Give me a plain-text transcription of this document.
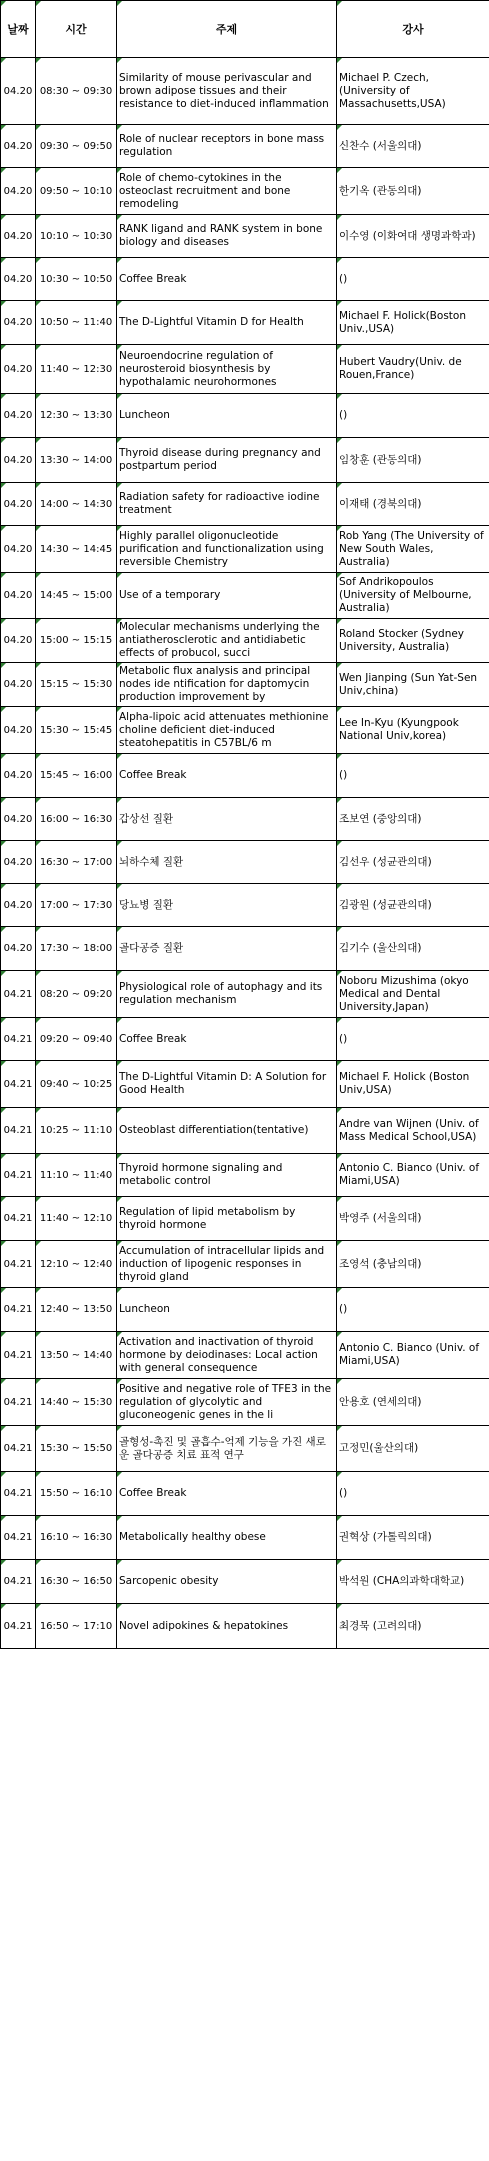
날짜	시간	주제	강사

04.20	08:30 ~ 09:30	Similarity of mouse perivascular and brown adipose tissues and their resistance to diet-induced inflammation	Michael P. Czech, (University of Massachusetts,USA)

04.20	09:30 ~ 09:50	Role of nuclear receptors in bone mass regulation	신찬수 (서울의대)

04.20	09:50 ~ 10:10	Role of chemo-cytokines in the osteoclast recruitment and bone remodeling	한기옥 (관동의대)

04.20	10:10 ~ 10:30	RANK ligand and RANK system in bone biology and diseases	이수영 (이화여대 생명과학과)

04.20	10:30 ~ 10:50	Coffee Break	()

04.20	10:50 ~ 11:40	The D-Lightful Vitamin D for Health	Michael F. Holick(Boston Univ.,USA)

04.20	11:40 ~ 12:30	Neuroendocrine regulation of neurosteroid biosynthesis by hypothalamic neurohormones	Hubert Vaudry(Univ. de Rouen,France)

04.20	12:30 ~ 13:30	Luncheon	()

04.20	13:30 ~ 14:00	Thyroid disease during pregnancy and postpartum period	임창훈 (관동의대)

04.20	14:00 ~ 14:30	Radiation safety for radioactive iodine treatment	이재태 (경북의대)

04.20	14:30 ~ 14:45	Highly parallel oligonucleotide purification and functionalization using reversible Chemistry	Rob Yang (The University of New South Wales, Australia)

04.20	14:45 ~ 15:00	Use of a temporary	Sof Andrikopoulos (University of Melbourne, Australia)

04.20	15:00 ~ 15:15	Molecular mechanisms underlying the antiatherosclerotic and antidiabetic effects of probucol, succi	Roland Stocker (Sydney University, Australia)

04.20	15:15 ~ 15:30	Metabolic flux analysis and principal nodes ide ntification for daptomycin production improvement by	Wen Jianping (Sun Yat-Sen Univ,china)

04.20	15:30 ~ 15:45	Alpha-lipoic acid attenuates methionine choline deficient diet-induced steatohepatitis in C57BL/6 m	Lee In-Kyu (Kyungpook National Univ,korea)

04.20	15:45 ~ 16:00	Coffee Break	()

04.20	16:00 ~ 16:30	갑상선 질환	조보연 (중앙의대)

04.20	16:30 ~ 17:00	뇌하수체 질환	김선우 (성균관의대)

04.20	17:00 ~ 17:30	당뇨병 질환	김광원 (성균관의대)

04.20	17:30 ~ 18:00	골다공증 질환	김기수 (울산의대)

04.21	08:20 ~ 09:20	Physiological role of autophagy and its regulation mechanism	Noboru Mizushima (okyo Medical and Dental University,Japan)

04.21	09:20 ~ 09:40	Coffee Break	()

04.21	09:40 ~ 10:25	The D-Lightful Vitamin D: A Solution for Good Health	Michael F. Holick (Boston Univ,USA)

04.21	10:25 ~ 11:10	Osteoblast differentiation(tentative)	Andre van Wijnen (Univ. of Mass Medical School,USA)

04.21	11:10 ~ 11:40	Thyroid hormone signaling and metabolic control	Antonio C. Bianco (Univ. of Miami,USA)

04.21	11:40 ~ 12:10	Regulation of lipid metabolism by thyroid hormone	박영주 (서울의대)

04.21	12:10 ~ 12:40	Accumulation of intracellular lipids and induction of lipogenic responses in thyroid gland	조영석 (충남의대)

04.21	12:40 ~ 13:50	Luncheon	()

04.21	13:50 ~ 14:40	Activation and inactivation of thyroid hormone by deiodinases: Local action with general consequence	Antonio C. Bianco (Univ. of Miami,USA)

04.21	14:40 ~ 15:30	Positive and negative role of TFE3 in the regulation of glycolytic and gluconeogenic genes in the li	안용호 (연세의대)

04.21	15:30 ~ 15:50	골형성-촉진 및 골흡수-억제 기능을 가진 새로운 골다공증 치료 표적 연구	고정민(울산의대)

04.21	15:50 ~ 16:10	Coffee Break	()

04.21	16:10 ~ 16:30	Metabolically healthy obese	권혁상 (가톨릭의대)

04.21	16:30 ~ 16:50	Sarcopenic obesity	박석원 (CHA의과학대학교)

04.21	16:50 ~ 17:10	Novel adipokines & hepatokines	최경묵 (고려의대)
